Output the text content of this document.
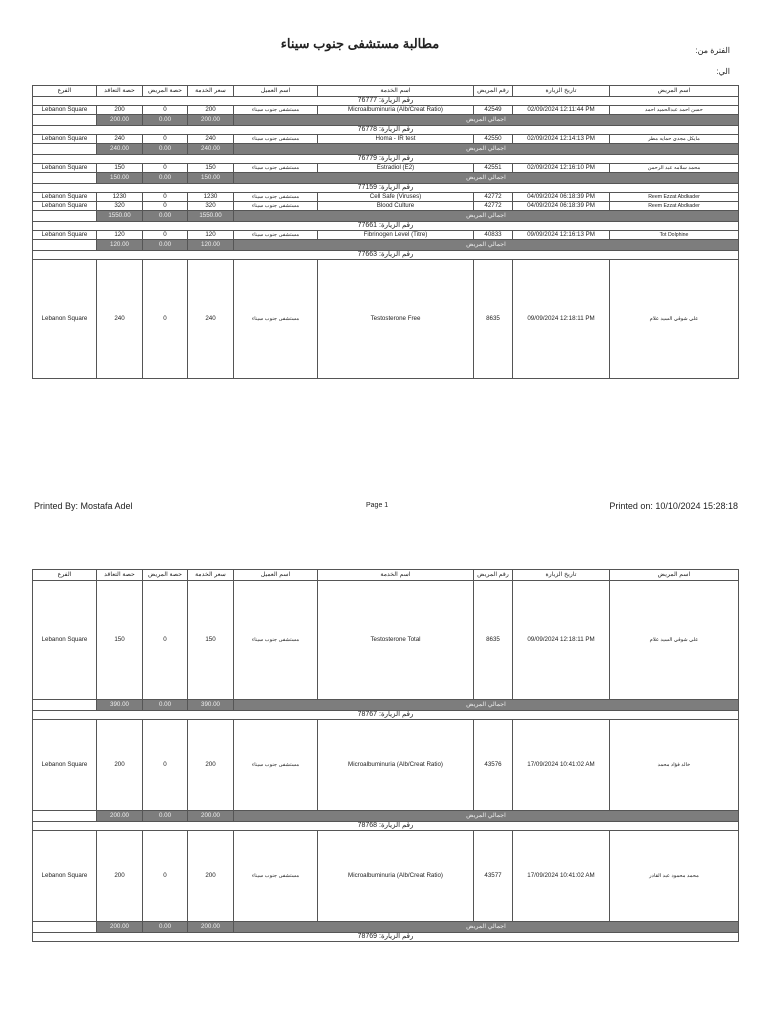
مطالبة مستشفى جنوب سيناء	الفترة من:
الي:
الفرع	حصة التعاقد	حصة المريض	سعر الخدمة	اسم العميل	اسم الخدمة	رقم المريض	تاريخ الزيارة	اسم المريض
رقم الزيارة: 76777								
Lebanon Square	200	0	200	مستشفى جنوب سيناء	Microalbuminuria (Alb/Creat Ratio)	42549	02/09/2024 12:11:44 PM	حسن احمد عبدالحميد احمد
	200.00	0.00	200.00	اجمالي المريض				
رقم الزيارة: 76778								
Lebanon Square	240	0	240	مستشفى جنوب سيناء	Homa - IR test	42550	02/09/2024 12:14:13 PM	مايكل مجدي حمايه مطر
	240.00	0.00	240.00	اجمالي المريض				
رقم الزيارة: 76779								
Lebanon Square	150	0	150	مستشفى جنوب سيناء	Estradiol (E2)	42551	02/09/2024 12:16:10 PM	محمد سلامه عبد الرحمن
	150.00	0.00	150.00	اجمالي المريض				
رقم الزيارة: 77159								
Lebanon Square	1230	0	1230	مستشفى جنوب سيناء	Cell Safe (Viruses)	42772	04/09/2024 06:18:39 PM	Reem Ezzat Abdkader
Lebanon Square	320	0	320	مستشفى جنوب سيناء	Blood Culture	42772	04/09/2024 06:18:39 PM	Reem Ezzat Abdkader
	1550.00	0.00	1550.00	اجمالي المريض				
رقم الزيارة: 77661								
Lebanon Square	120	0	120	مستشفى جنوب سيناء	Fibrinogen Level (Titre)	40833	09/09/2024 12:16:13 PM	Tot Dolphine
	120.00	0.00	120.00	اجمالي المريض				
رقم الزيارة: 77663								
Lebanon Square	240	0	240	مستشفى جنوب سيناء	Testosterone Free	8635	09/09/2024 12:18:11 PM	علي شوقي السيد علام
Printed By: Mostafa Adel	Page 1	Printed on: 10/10/2024 15:28:18
الفرع	حصة التعاقد	حصة المريض	سعر الخدمة	اسم العميل	اسم الخدمة	رقم المريض	تاريخ الزيارة	اسم المريض
Lebanon Square	150	0	150	مستشفى جنوب سيناء	Testosterone Total	8635	09/09/2024 12:18:11 PM	علي شوقي السيد علام
	390.00	0.00	390.00	اجمالي المريض				
رقم الزيارة: 78767								
Lebanon Square	200	0	200	مستشفى جنوب سيناء	Microalbuminuria (Alb/Creat Ratio)	43576	17/09/2024 10:41:02 AM	خالد فؤاد محمد
	200.00	0.00	200.00	اجمالي المريض				
رقم الزيارة: 78768								
Lebanon Square	200	0	200	مستشفى جنوب سيناء	Microalbuminuria (Alb/Creat Ratio)	43577	17/09/2024 10:41:02 AM	محمد محمود عبد القادر
	200.00	0.00	200.00	اجمالي المريض				
رقم الزيارة: 78769								
